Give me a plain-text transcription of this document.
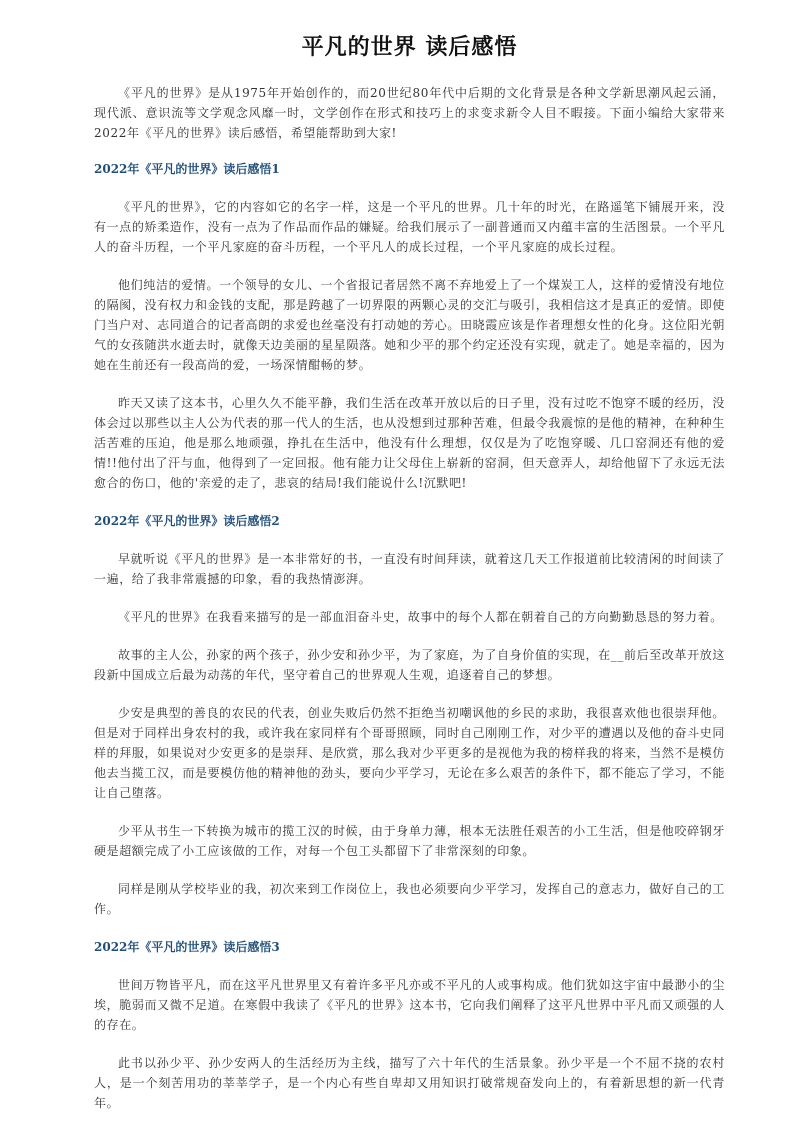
平凡的世界 读后感悟

《平凡的世界》是从1975年开始创作的，而20世纪80年代中后期的文化背景是各种文学新思潮风起云涌，现代派、意识流等文学观念风靡一时，文学创作在形式和技巧上的求变求新令人目不暇接。下面小编给大家带来2022年《平凡的世界》读后感悟，希望能帮助到大家!

2022年《平凡的世界》读后感悟1

《平凡的世界》，它的内容如它的名字一样，这是一个平凡的世界。几十年的时光，在路遥笔下铺展开来，没有一点的矫柔造作，没有一点为了作品而作品的嫌疑。给我们展示了一副普通而又内蕴丰富的生活图景。一个平凡人的奋斗历程，一个平凡家庭的奋斗历程，一个平凡人的成长过程，一个平凡家庭的成长过程。

他们纯洁的爱情。一个领导的女儿、一个省报记者居然不离不弃地爱上了一个煤炭工人，这样的爱情没有地位的隔阂，没有权力和金钱的支配，那是跨越了一切界限的两颗心灵的交汇与吸引，我相信这才是真正的爱情。即使门当户对、志同道合的记者高朗的求爱也丝毫没有打动她的芳心。田晓霞应该是作者理想女性的化身。这位阳光朝气的女孩随洪水逝去时，就像天边美丽的星星陨落。她和少平的那个约定还没有实现，就走了。她是幸福的，因为她在生前还有一段高尚的爱，一场深情酣畅的梦。

昨天又读了这本书，心里久久不能平静，我们生活在改革开放以后的日子里，没有过吃不饱穿不暖的经历，没体会过以那些以主人公为代表的那一代人的生活，也从没想到过那种苦难，但最令我震惊的是他的精神，在种种生活苦难的压迫，他是那么地顽强，挣扎在生活中，他没有什么理想，仅仅是为了吃饱穿暖、几口窑洞还有他的爱情!!他付出了汗与血，他得到了一定回报。他有能力让父母住上崭新的窑洞，但天意弄人，却给他留下了永远无法愈合的伤口，他的'亲爱的走了，悲哀的结局!我们能说什么!沉默吧!

2022年《平凡的世界》读后感悟2

早就听说《平凡的世界》是一本非常好的书，一直没有时间拜读，就着这几天工作报道前比较清闲的时间读了一遍，给了我非常震撼的印象，看的我热情澎湃。

《平凡的世界》在我看来描写的是一部血泪奋斗史，故事中的每个人都在朝着自己的方向勤勤恳恳的努力着。

故事的主人公，孙家的两个孩子，孙少安和孙少平，为了家庭，为了自身价值的实现，在__前后至改革开放这段新中国成立后最为动荡的年代，坚守着自己的世界观人生观，追逐着自己的梦想。

少安是典型的善良的农民的代表，创业失败后仍然不拒绝当初嘲讽他的乡民的求助，我很喜欢他也很崇拜他。但是对于同样出身农村的我，或许我在家同样有个哥哥照顾，同时自己刚刚工作，对少平的遭遇以及他的奋斗史同样的拜服，如果说对少安更多的是崇拜、是欣赏，那么我对少平更多的是视他为我的榜样我的将来，当然不是模仿他去当揽工汉，而是要模仿他的精神他的劲头，要向少平学习，无论在多么艰苦的条件下，都不能忘了学习，不能让自己堕落。

少平从书生一下转换为城市的揽工汉的时候，由于身单力薄，根本无法胜任艰苦的小工生活，但是他咬碎钢牙硬是超额完成了小工应该做的工作，对每一个包工头都留下了非常深刻的印象。

同样是刚从学校毕业的我，初次来到工作岗位上，我也必须要向少平学习，发挥自己的意志力，做好自己的工作。

2022年《平凡的世界》读后感悟3

世间万物皆平凡，而在这平凡世界里又有着许多平凡亦或不平凡的人或事构成。他们犹如这宇宙中最渺小的尘埃，脆弱而又微不足道。在寒假中我读了《平凡的世界》这本书，它向我们阐释了这平凡世界中平凡而又顽强的人的存在。

此书以孙少平、孙少安两人的生活经历为主线，描写了六十年代的生活景象。孙少平是一个不屈不挠的农村人，是一个刻苦用功的莘莘学子，是一个内心有些自卑却又用知识打破常规奋发向上的，有着新思想的新一代青年。
